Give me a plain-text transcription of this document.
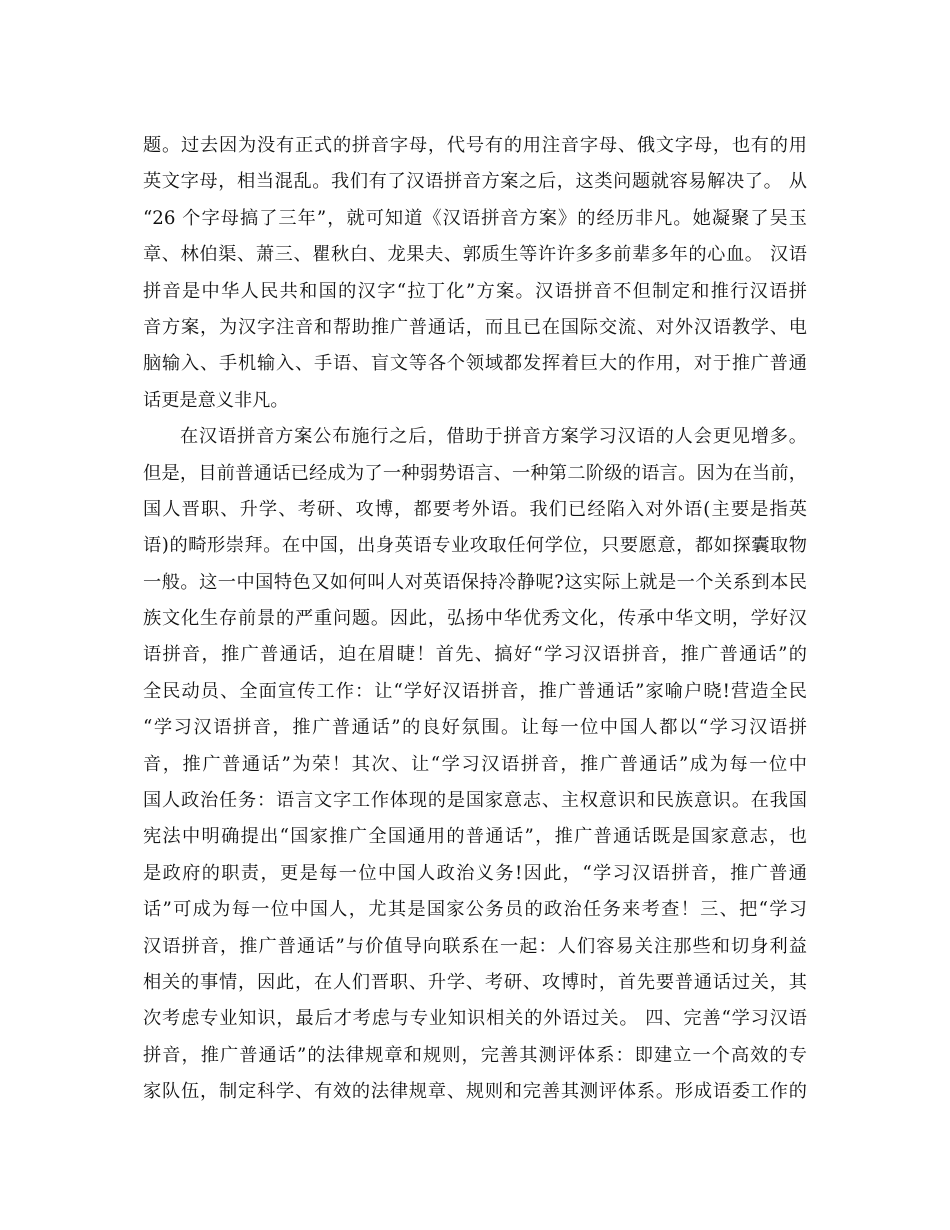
题。过去因为没有正式的拼音字母，代号有的用注音字母、俄文字母，也有的用
英文字母，相当混乱。我们有了汉语拼音方案之后，这类问题就容易解决了。 从
“26 个字母搞了三年”，就可知道《汉语拼音方案》的经历非凡。她凝聚了吴玉
章、林伯渠、萧三、瞿秋白、龙果夫、郭质生等许许多多前辈多年的心血。 汉语
拼音是中华人民共和国的汉字“拉丁化”方案。汉语拼音不但制定和推行汉语拼
音方案，为汉字注音和帮助推广普通话，而且已在国际交流、对外汉语教学、电
脑输入、手机输入、手语、盲文等各个领域都发挥着巨大的作用，对于推广普通
话更是意义非凡。
在汉语拼音方案公布施行之后，借助于拼音方案学习汉语的人会更见增多。
但是，目前普通话已经成为了一种弱势语言、一种第二阶级的语言。因为在当前，
国人晋职、升学、考研、攻博，都要考外语。我们已经陷入对外语(主要是指英
语)的畸形崇拜。在中国，出身英语专业攻取任何学位，只要愿意，都如探囊取物
一般。这一中国特色又如何叫人对英语保持冷静呢?这实际上就是一个关系到本民
族文化生存前景的严重问题。因此，弘扬中华优秀文化，传承中华文明，学好汉
语拼音，推广普通话，迫在眉睫！首先、搞好“学习汉语拼音，推广普通话”的
全民动员、全面宣传工作：让“学好汉语拼音，推广普通话”家喻户晓!营造全民
“学习汉语拼音，推广普通话”的良好氛围。让每一位中国人都以“学习汉语拼
音，推广普通话”为荣！其次、让“学习汉语拼音，推广普通话”成为每一位中
国人政治任务：语言文字工作体现的是国家意志、主权意识和民族意识。在我国
宪法中明确提出“国家推广全国通用的普通话”，推广普通话既是国家意志，也
是政府的职责，更是每一位中国人政治义务!因此，“学习汉语拼音，推广普通
话”可成为每一位中国人，尤其是国家公务员的政治任务来考查！三、把“学习
汉语拼音，推广普通话”与价值导向联系在一起：人们容易关注那些和切身利益
相关的事情，因此，在人们晋职、升学、考研、攻博时，首先要普通话过关，其
次考虑专业知识，最后才考虑与专业知识相关的外语过关。 四、完善“学习汉语
拼音，推广普通话”的法律规章和规则，完善其测评体系：即建立一个高效的专
家队伍，制定科学、有效的法律规章、规则和完善其测评体系。形成语委工作的
